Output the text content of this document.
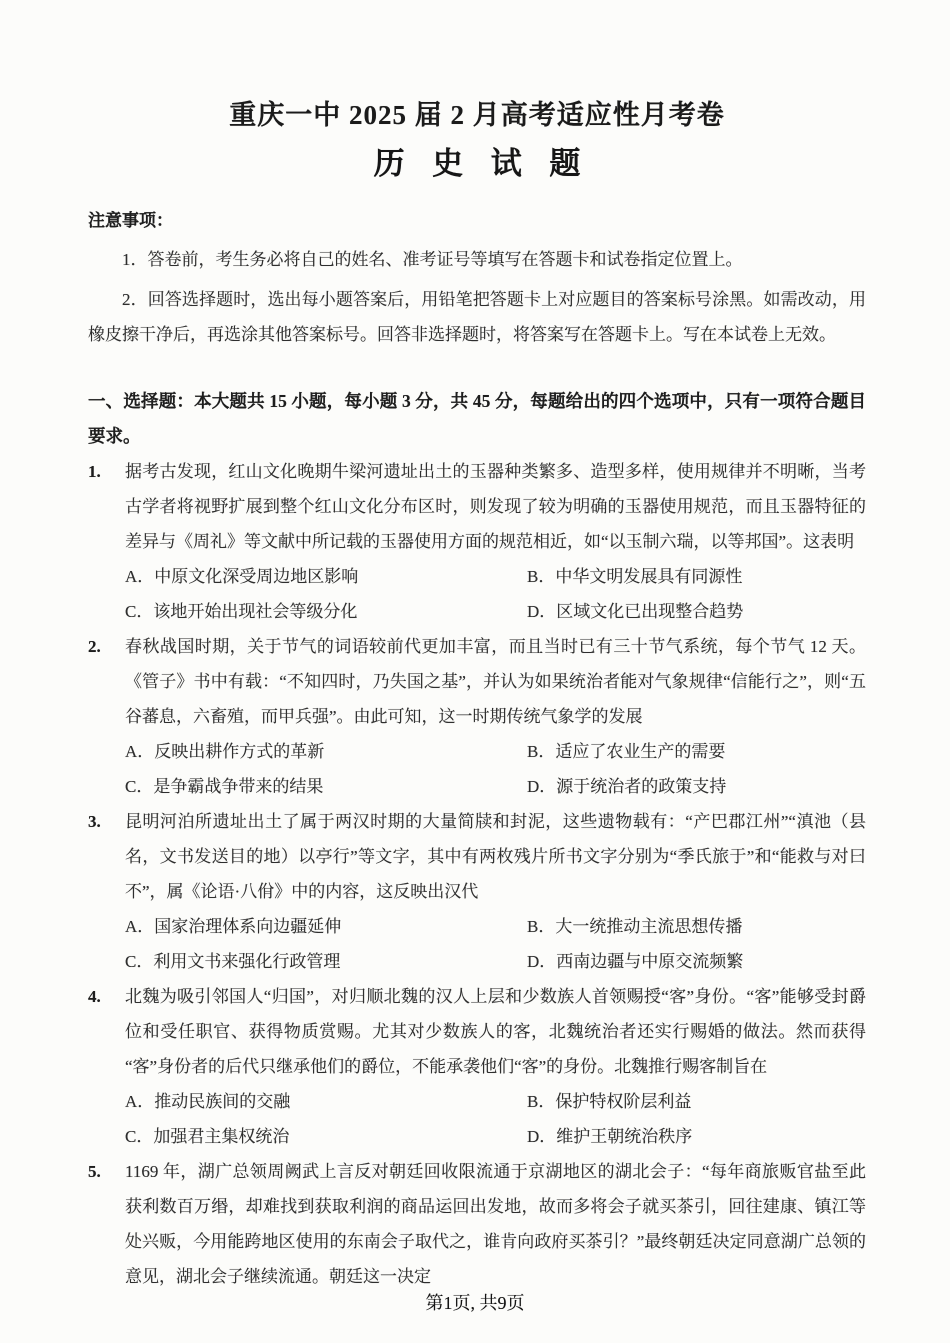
重庆一中 2025 届 2 月高考适应性月考卷
历 史 试 题

注意事项：

1．答卷前，考生务必将自己的姓名、准考证号等填写在答题卡和试卷指定位置上。

2．回答选择题时，选出每小题答案后，用铅笔把答题卡上对应题目的答案标号涂黑。如需改动，用橡皮擦干净后，再选涂其他答案标号。回答非选择题时，将答案写在答题卡上。写在本试卷上无效。

一、选择题：本大题共 15 小题，每小题 3 分，共 45 分，每题给出的四个选项中，只有一项符合题目要求。

1.	据考古发现，红山文化晚期牛梁河遗址出土的玉器种类繁多、造型多样，使用规律并不明晰，当考古学者将视野扩展到整个红山文化分布区时，则发现了较为明确的玉器使用规范，而且玉器特征的差异与《周礼》等文献中所记载的玉器使用方面的规范相近，如“以玉制六瑞，以等邦国”。这表明

A．中原文化深受周边地区影响	B．中华文明发展具有同源性
C．该地开始出现社会等级分化	D．区域文化已出现整合趋势
2.	春秋战国时期，关于节气的词语较前代更加丰富，而且当时已有三十节气系统，每个节气 12 天。《管子》书中有载：“不知四时，乃失国之基”，并认为如果统治者能对气象规律“信能行之”，则“五谷蕃息，六畜殖，而甲兵强”。由此可知，这一时期传统气象学的发展

A．反映出耕作方式的革新	B．适应了农业生产的需要
C．是争霸战争带来的结果	D．源于统治者的政策支持
3.	昆明河泊所遗址出土了属于两汉时期的大量简牍和封泥，这些遗物载有：“产巴郡江州”“滇池（县名，文书发送目的地）以亭行”等文字，其中有两枚残片所书文字分别为“季氏旅于”和“能救与对曰不”，属《论语·八佾》中的内容，这反映出汉代

A．国家治理体系向边疆延伸	B．大一统推动主流思想传播
C．利用文书来强化行政管理	D．西南边疆与中原交流频繁
4.	北魏为吸引邻国人“归国”，对归顺北魏的汉人上层和少数族人首领赐授“客”身份。“客”能够受封爵位和受任职官、获得物质赏赐。尤其对少数族人的客，北魏统治者还实行赐婚的做法。然而获得“客”身份者的后代只继承他们的爵位，不能承袭他们“客”的身份。北魏推行赐客制旨在

A．推动民族间的交融	B．保护特权阶层利益
C．加强君主集权统治	D．维护王朝统治秩序
5.	1169 年，湖广总领周阙武上言反对朝廷回收限流通于京湖地区的湖北会子：“每年商旅贩官盐至此获利数百万缗，却难找到获取利润的商品运回出发地，故而多将会子就买茶引，回往建康、镇江等处兴贩，今用能跨地区使用的东南会子取代之，谁肯向政府买茶引？”最终朝廷决定同意湖广总领的意见，湖北会子继续流通。朝廷这一决定

第1页, 共9页
